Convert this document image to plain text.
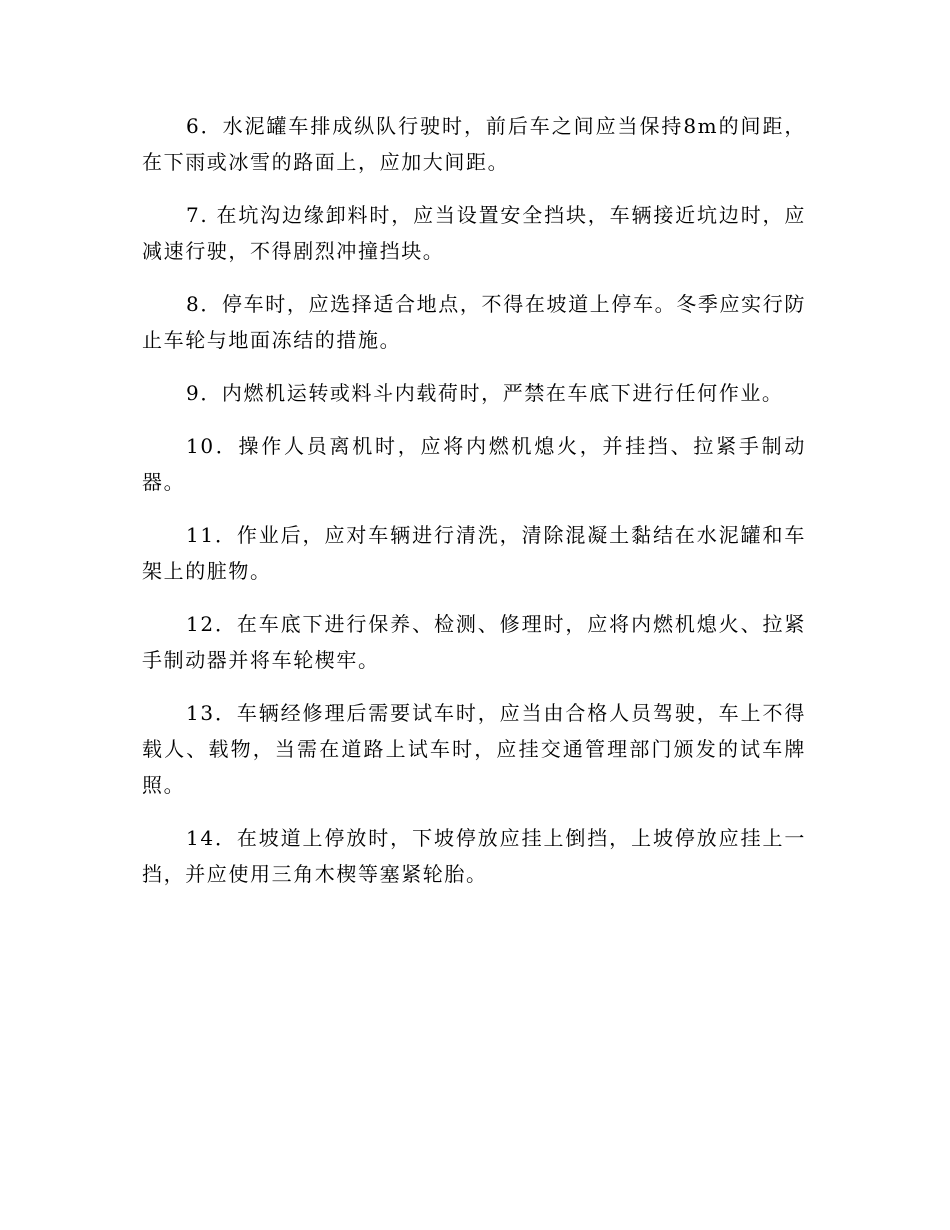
6．水泥罐车排成纵队行驶时，前后车之间应当保持8m的间距，在下雨或冰雪的路面上，应加大间距。

7. 在坑沟边缘卸料时，应当设置安全挡块，车辆接近坑边时，应减速行驶，不得剧烈冲撞挡块。

8．停车时，应选择适合地点，不得在坡道上停车。冬季应实行防止车轮与地面冻结的措施。

9．内燃机运转或料斗内载荷时，严禁在车底下进行任何作业。

10．操作人员离机时，应将内燃机熄火，并挂挡、拉紧手制动器。

11．作业后，应对车辆进行清洗，清除混凝土黏结在水泥罐和车架上的脏物。

12．在车底下进行保养、检测、修理时，应将内燃机熄火、拉紧手制动器并将车轮楔牢。

13．车辆经修理后需要试车时，应当由合格人员驾驶，车上不得载人、载物，当需在道路上试车时，应挂交通管理部门颁发的试车牌照。

14．在坡道上停放时，下坡停放应挂上倒挡，上坡停放应挂上一挡，并应使用三角木楔等塞紧轮胎。
